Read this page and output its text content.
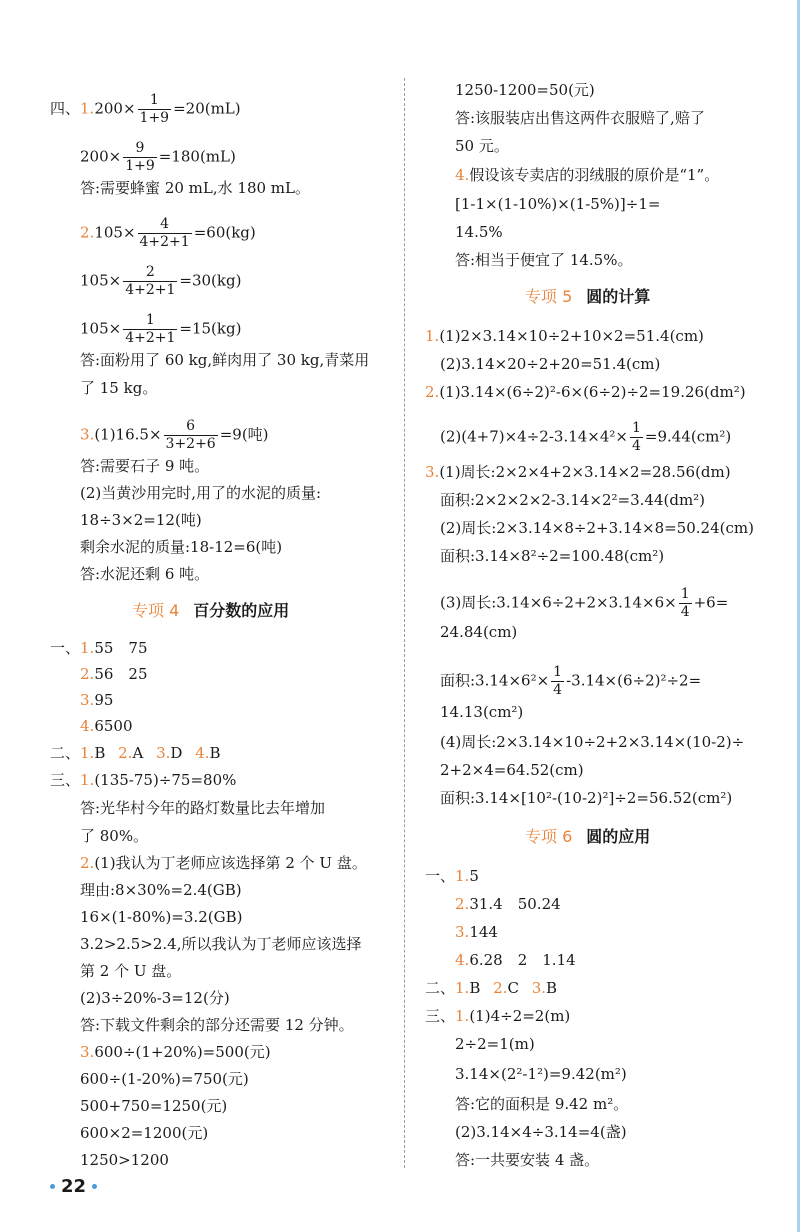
四、$1.200\times \frac{1}{1+9} =20(mL)$
$200\times \frac{9}{1+9} =180(mL)$
答:需要蜂蜜 20 mL,水 180 mL。
$2.105\times \frac{4}{4+2+1} =60(kg)$
$105\times \frac{2}{4+2+1} =30(kg)$
$105\times \frac{1}{4+2+1} =15(kg)$
答:面粉用了 60 kg,鲜肉用了 30 kg,青菜用
了 15 kg。
$3.(1)16.5\times \frac{6}{3+2+6} =9$(吨)
答:需要石子 9 吨。
(2)当黄沙用完时,用了的水泥的质量:
18÷3×2=12(吨)
剩余水泥的质量:18-12=6(吨)
答:水泥还剩 6 吨。
专项 4 百分数的应用
一、1.55　75
2.56　25
3.95
4.6500
二、1.B 2.A 3.D 4.B
三、1.(135-75)÷75=80%
答:光华村今年的路灯数量比去年增加
了 80%。
2.(1)我认为丁老师应该选择第 2 个 U 盘。
理由:8×30%=2.4(GB)
16×(1-80%)=3.2(GB)
3.2>2.5>2.4,所以我认为丁老师应该选择
第 2 个 U 盘。
(2)3÷20%-3=12(分)
答:下载文件剩余的部分还需要 12 分钟。
3.600÷(1+20%)=500(元)
600÷(1-20%)=750(元)
500+750=1250(元)
600×2=1200(元)
1250>1200
1250-1200=50(元)
答:该服装店出售这两件衣服赔了,赔了
50 元。
4.假设该专卖店的羽绒服的原价是“1”。
[1-1×(1-10%)×(1-5%)]÷1=
14.5%
答:相当于便宜了 14.5%。
专项 5 圆的计算
1.(1)2×3.14×10÷2+10×2=51.4(cm)
(2)3.14×20÷2+20=51.4(cm)
2.(1)3.14×(6÷2)²-6×(6÷2)÷2=19.26(dm²)
$(2)(4+7)\times 4\div 2-3.14\times 4^2\times \frac{1}{4} =9.44(cm^2)$
3.(1)周长:2×2×4+2×3.14×2=28.56(dm)
面积:2×2×2×2-3.14×2²=3.44(dm²)
(2)周长:2×3.14×8÷2+3.14×8=50.24(cm)
面积:3.14×8²÷2=100.48(cm²)
(3)周长:3.14×6÷2+2×3.14×6× $\frac{1}{4} +6=$
24.84(cm)
面积:3.14×6²× $\frac{1}{4} -3.14\times(6\div 2)^2\div 2=$
14.13(cm²)
(4)周长:2×3.14×10÷2+2×3.14×(10-2)÷
2+2×4=64.52(cm)
面积:3.14×[10²-(10-2)²]÷2=56.52(cm²)
专项 6 圆的应用
一、1.5
2.31.4　50.24
3.144
4.6.28　2　1.14
二、1.B 2.C 3.B
三、1.(1)4÷2=2(m)
2÷2=1(m)
3.14×(2²-1²)=9.42(m²)
答:它的面积是 9.42 m²。
(2)3.14×4÷3.14=4(盏)
答:一共要安装 4 盏。
22
